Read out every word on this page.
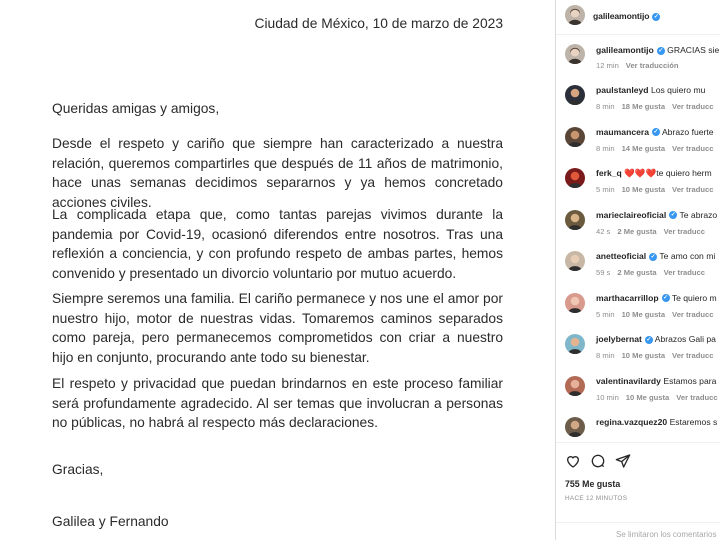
Ciudad de México, 10 de marzo de 2023

Queridas amigas y amigos,

Desde el respeto y cariño que siempre han caracterizado a nuestra relación, queremos compartirles que después de 11 años de matrimonio, hace unas semanas decidimos separarnos y ya hemos concretado acciones civiles.

La complicada etapa que, como tantas parejas vivimos durante la pandemia por Covid-19, ocasionó diferendos entre nosotros. Tras una reflexión a conciencia, y con profundo respeto de ambas partes, hemos convenido y presentado un divorcio voluntario por mutuo acuerdo.

Siempre seremos una familia. El cariño permanece y nos une el amor por nuestro hijo, motor de nuestras vidas. Tomaremos caminos separados como pareja, pero permanecemos comprometidos con criar a nuestro hijo en conjunto, procurando ante todo su bienestar.

El respeto y privacidad que puedan brindarnos en este proceso familiar será profundamente agradecido. Al ser temas que involucran a personas no públicas, no habrá al respecto más declaraciones.

Gracias,

Galilea y Fernando

galileamontijo ✓
galileamontijo ✓ GRACIAS sie
12 min Ver traducción
paulstanleyd Los quiero mu
8 min 18 Me gusta Ver traducc
maumancera ✓ Abrazo fuerte
8 min 14 Me gusta Ver traducc
ferk_q ❤️❤️❤️te quiero herm
5 min 10 Me gusta Ver traducc
marieclaireoficial ✓ Te abrazo
42 s 2 Me gusta Ver traducc
anetteoficial ✓ Te amo con mi
59 s 2 Me gusta Ver traducc
marthacarrillop ✓ Te quiero m
5 min 10 Me gusta Ver traducc
joelybernat ✓ Abrazos Gali pa
8 min 10 Me gusta Ver traducc
valentinavilardy Estamos para
10 min 10 Me gusta Ver traducc
regina.vazquez20 Estaremos s
755 Me gusta
HACE 12 MINUTOS
Se limitaron los comentarios
